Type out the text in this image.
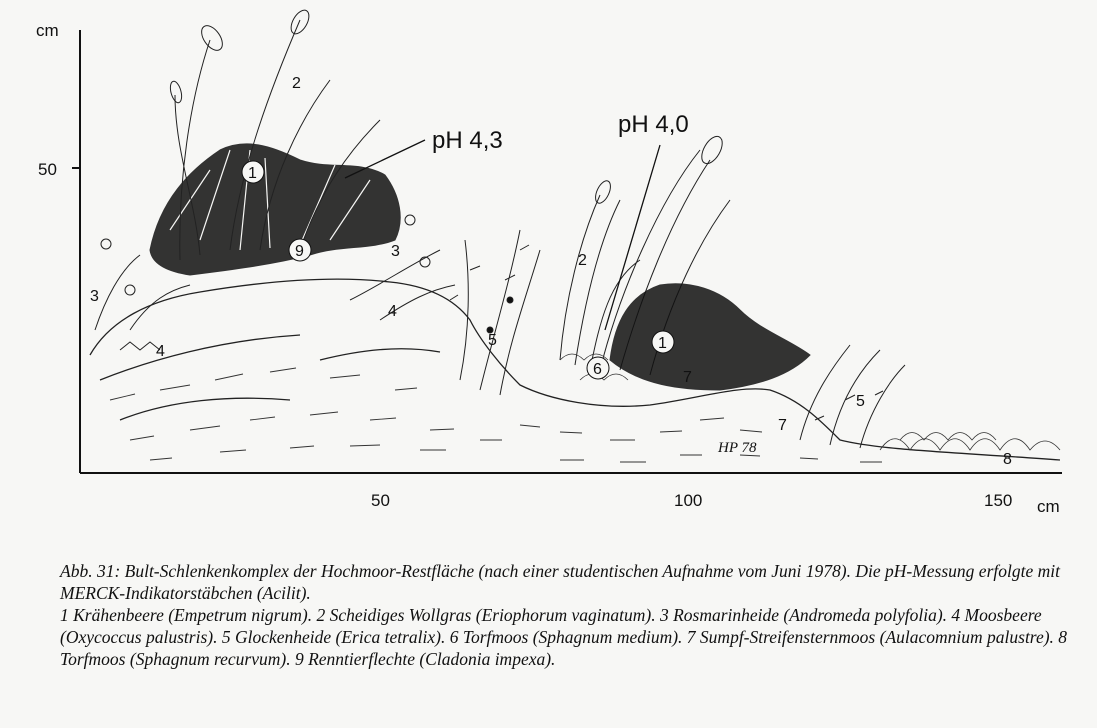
cm
50
50	100	150 cm
pH 4,3
pH 4,0
1
1
2
2
3
3
4
4
5
5
6	7
7
8
9
HP 78

Abb. 31: Bult-Schlenkenkomplex der Hochmoor-Restfläche (nach einer studentischen Aufnahme vom Juni 1978). Die pH-Messung erfolgte mit MERCK-Indikatorstäbchen (Acilit).

1 Krähenbeere (Empetrum nigrum). 2 Scheidiges Wollgras (Eriophorum vaginatum). 3 Rosmarinheide (Andromeda polyfolia). 4 Moosbeere (Oxycoccus palustris). 5 Glockenheide (Erica tetralix). 6 Torfmoos (Sphagnum medium). 7 Sumpf-Streifensternmoos (Aulacomnium palustre). 8 Torfmoos (Sphagnum recurvum). 9 Renntierflechte (Cladonia impexa).
